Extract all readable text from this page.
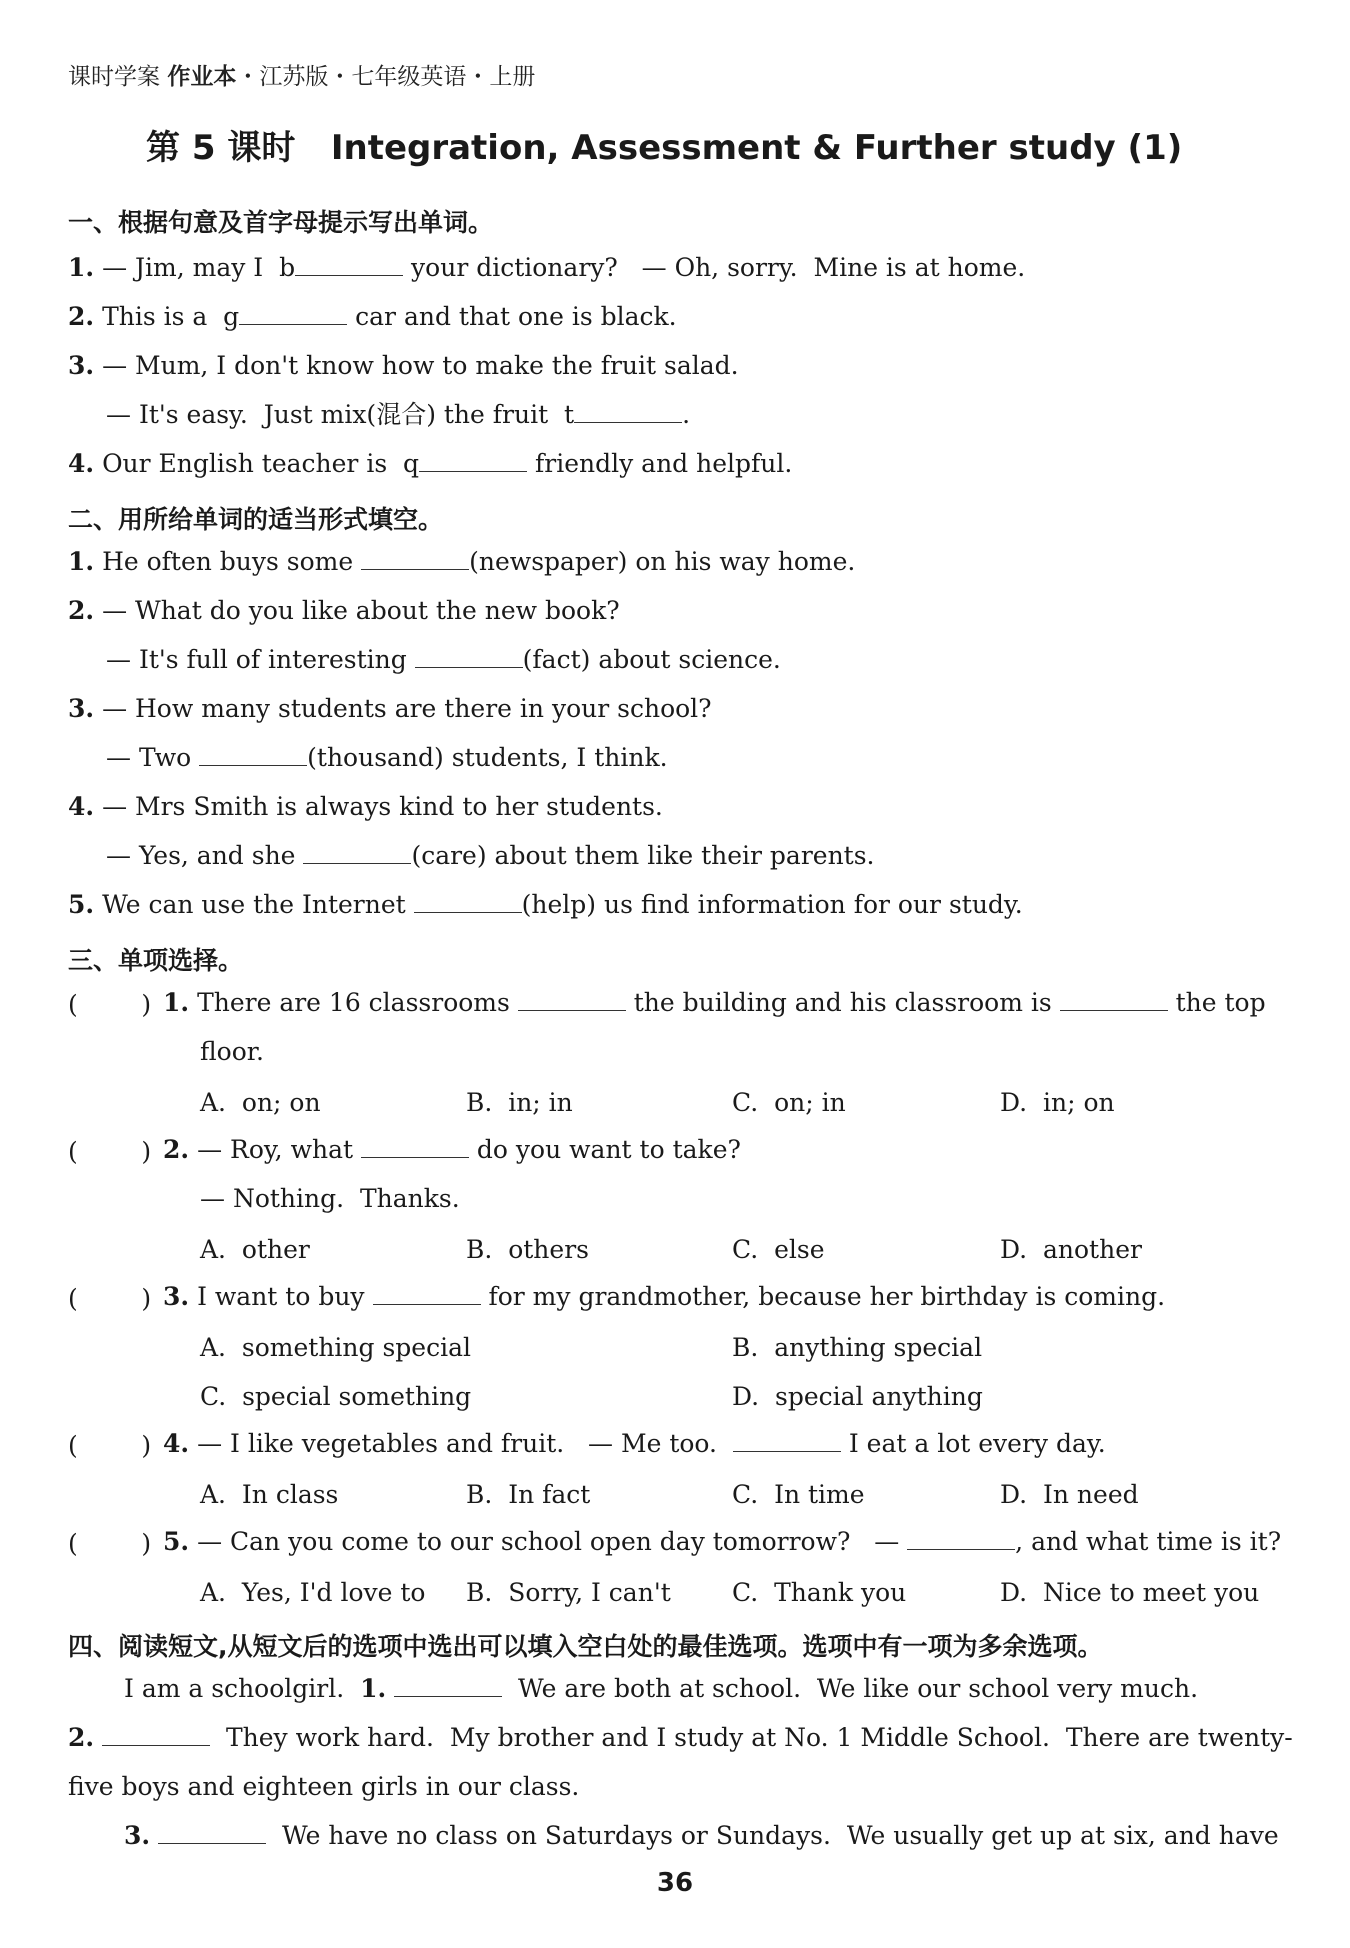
课时学案 作业本・江苏版・七年级英语・上册
第 5 课时   Integration, Assessment & Further study (1)
一、根据句意及首字母提示写出单词。
1. — Jim, may I  b	your dictionary?   — Oh, sorry.  Mine is at home.
2. This is a  g	car and that one is black.
3. — Mum, I don't know how to make the fruit salad.
— It's easy.  Just mix(混合) the fruit  t	.
4. Our English teacher is  q	friendly and helpful.
二、用所给单词的适当形式填空。
1. He often buys some	(newspaper) on his way home.
2. — What do you like about the new book?
— It's full of interesting	(fact) about science.
3. — How many students are there in your school?
— Two	(thousand) students, I think.
4. — Mrs Smith is always kind to her students.
— Yes, and she	(care) about them like their parents.
5. We can use the Internet	(help) us find information for our study.
三、单项选择。
(        ) 1. There are 16 classrooms	the building and his classroom is	the top
floor.
A.  on; on	B.  in; in	C.  on; in	D.  in; on
(        ) 2. — Roy, what	do you want to take?
— Nothing.  Thanks.
A.  other	B.  others	C.  else	D.  another
(        ) 3. I want to buy	for my grandmother, because her birthday is coming.
A.  something special	B.  anything special
C.  special something	D.  special anything
(        ) 4. — I like vegetables and fruit.   — Me too.	I eat a lot every day.
A.  In class	B.  In fact	C.  In time	D.  In need
(        ) 5. — Can you come to our school open day tomorrow?   —	, and what time is it?
A.  Yes, I'd love to B.  Sorry, I can't C.  Thank you	D.  Nice to meet you
四、阅读短文,从短文后的选项中选出可以填入空白处的最佳选项。选项中有一项为多余选项。
I am a schoolgirl.  1.	We are both at school.  We like our school very much.
2.	They work hard.  My brother and I study at No. 1 Middle School.  There are twenty-
five boys and eighteen girls in our class.
3.	We have no class on Saturdays or Sundays.  We usually get up at six, and have
36
